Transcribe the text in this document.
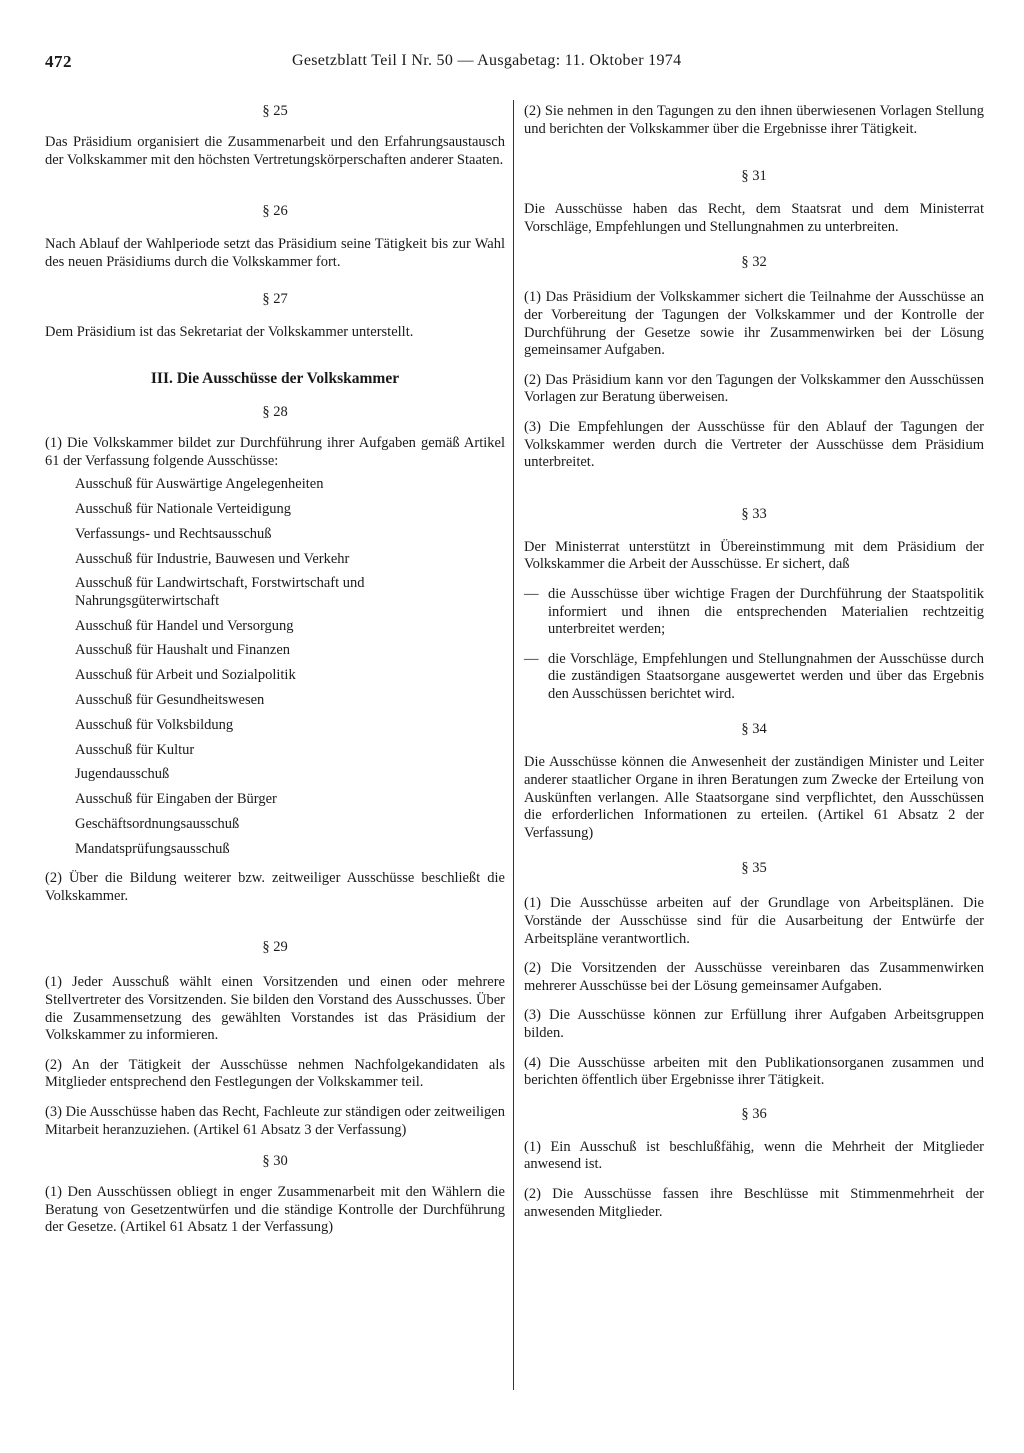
472	Gesetzblatt Teil I Nr. 50 — Ausgabetag: 11. Oktober 1974
§ 25

Das Präsidium organisiert die Zusammenarbeit und den Erfahrungsaustausch der Volkskammer mit den höchsten Vertretungskörperschaften anderer Staaten.

§ 26

Nach Ablauf der Wahlperiode setzt das Präsidium seine Tätigkeit bis zur Wahl des neuen Präsidiums durch die Volkskammer fort.

§ 27

Dem Präsidium ist das Sekretariat der Volkskammer unterstellt.

III. Die Ausschüsse der Volkskammer
§ 28

(1) Die Volkskammer bildet zur Durchführung ihrer Aufgaben gemäß Artikel 61 der Verfassung folgende Ausschüsse:

Ausschuß für Auswärtige Angelegenheiten
Ausschuß für Nationale Verteidigung
Verfassungs- und Rechtsausschuß
Ausschuß für Industrie, Bauwesen und Verkehr
Ausschuß für Landwirtschaft, Forstwirtschaft und Nahrungsgüterwirtschaft
Ausschuß für Handel und Versorgung
Ausschuß für Haushalt und Finanzen
Ausschuß für Arbeit und Sozialpolitik
Ausschuß für Gesundheitswesen
Ausschuß für Volksbildung
Ausschuß für Kultur
Jugendausschuß
Ausschuß für Eingaben der Bürger
Geschäftsordnungsausschuß
Mandatsprüfungsausschuß

(2) Über die Bildung weiterer bzw. zeitweiliger Ausschüsse beschließt die Volkskammer.

§ 29

(1) Jeder Ausschuß wählt einen Vorsitzenden und einen oder mehrere Stellvertreter des Vorsitzenden. Sie bilden den Vorstand des Ausschusses. Über die Zusammensetzung des gewählten Vorstandes ist das Präsidium der Volkskammer zu informieren.

(2) An der Tätigkeit der Ausschüsse nehmen Nachfolgekandidaten als Mitglieder entsprechend den Festlegungen der Volkskammer teil.

(3) Die Ausschüsse haben das Recht, Fachleute zur ständigen oder zeitweiligen Mitarbeit heranzuziehen. (Artikel 61 Absatz 3 der Verfassung)

§ 30

(1) Den Ausschüssen obliegt in enger Zusammenarbeit mit den Wählern die Beratung von Gesetzentwürfen und die ständige Kontrolle der Durchführung der Gesetze. (Artikel 61 Absatz 1 der Verfassung)

(2) Sie nehmen in den Tagungen zu den ihnen überwiesenen Vorlagen Stellung und berichten der Volkskammer über die Ergebnisse ihrer Tätigkeit.

§ 31

Die Ausschüsse haben das Recht, dem Staatsrat und dem Ministerrat Vorschläge, Empfehlungen und Stellungnahmen zu unterbreiten.

§ 32

(1) Das Präsidium der Volkskammer sichert die Teilnahme der Ausschüsse an der Vorbereitung der Tagungen der Volkskammer und der Kontrolle der Durchführung der Gesetze sowie ihr Zusammenwirken bei der Lösung gemeinsamer Aufgaben.

(2) Das Präsidium kann vor den Tagungen der Volkskammer den Ausschüssen Vorlagen zur Beratung überweisen.

(3) Die Empfehlungen der Ausschüsse für den Ablauf der Tagungen der Volkskammer werden durch die Vertreter der Ausschüsse dem Präsidium unterbreitet.

§ 33

Der Ministerrat unterstützt in Übereinstimmung mit dem Präsidium der Volkskammer die Arbeit der Ausschüsse. Er sichert, daß

— die Ausschüsse über wichtige Fragen der Durchführung der Staatspolitik informiert und ihnen die entsprechenden Materialien rechtzeitig unterbreitet werden;

— die Vorschläge, Empfehlungen und Stellungnahmen der Ausschüsse durch die zuständigen Staatsorgane ausgewertet werden und über das Ergebnis den Ausschüssen berichtet wird.

§ 34

Die Ausschüsse können die Anwesenheit der zuständigen Minister und Leiter anderer staatlicher Organe in ihren Beratungen zum Zwecke der Erteilung von Auskünften verlangen. Alle Staatsorgane sind verpflichtet, den Ausschüssen die erforderlichen Informationen zu erteilen. (Artikel 61 Absatz 2 der Verfassung)

§ 35

(1) Die Ausschüsse arbeiten auf der Grundlage von Arbeitsplänen. Die Vorstände der Ausschüsse sind für die Ausarbeitung der Entwürfe der Arbeitspläne verantwortlich.

(2) Die Vorsitzenden der Ausschüsse vereinbaren das Zusammenwirken mehrerer Ausschüsse bei der Lösung gemeinsamer Aufgaben.

(3) Die Ausschüsse können zur Erfüllung ihrer Aufgaben Arbeitsgruppen bilden.

(4) Die Ausschüsse arbeiten mit den Publikationsorganen zusammen und berichten öffentlich über Ergebnisse ihrer Tätigkeit.

§ 36

(1) Ein Ausschuß ist beschlußfähig, wenn die Mehrheit der Mitglieder anwesend ist.

(2) Die Ausschüsse fassen ihre Beschlüsse mit Stimmenmehrheit der anwesenden Mitglieder.
